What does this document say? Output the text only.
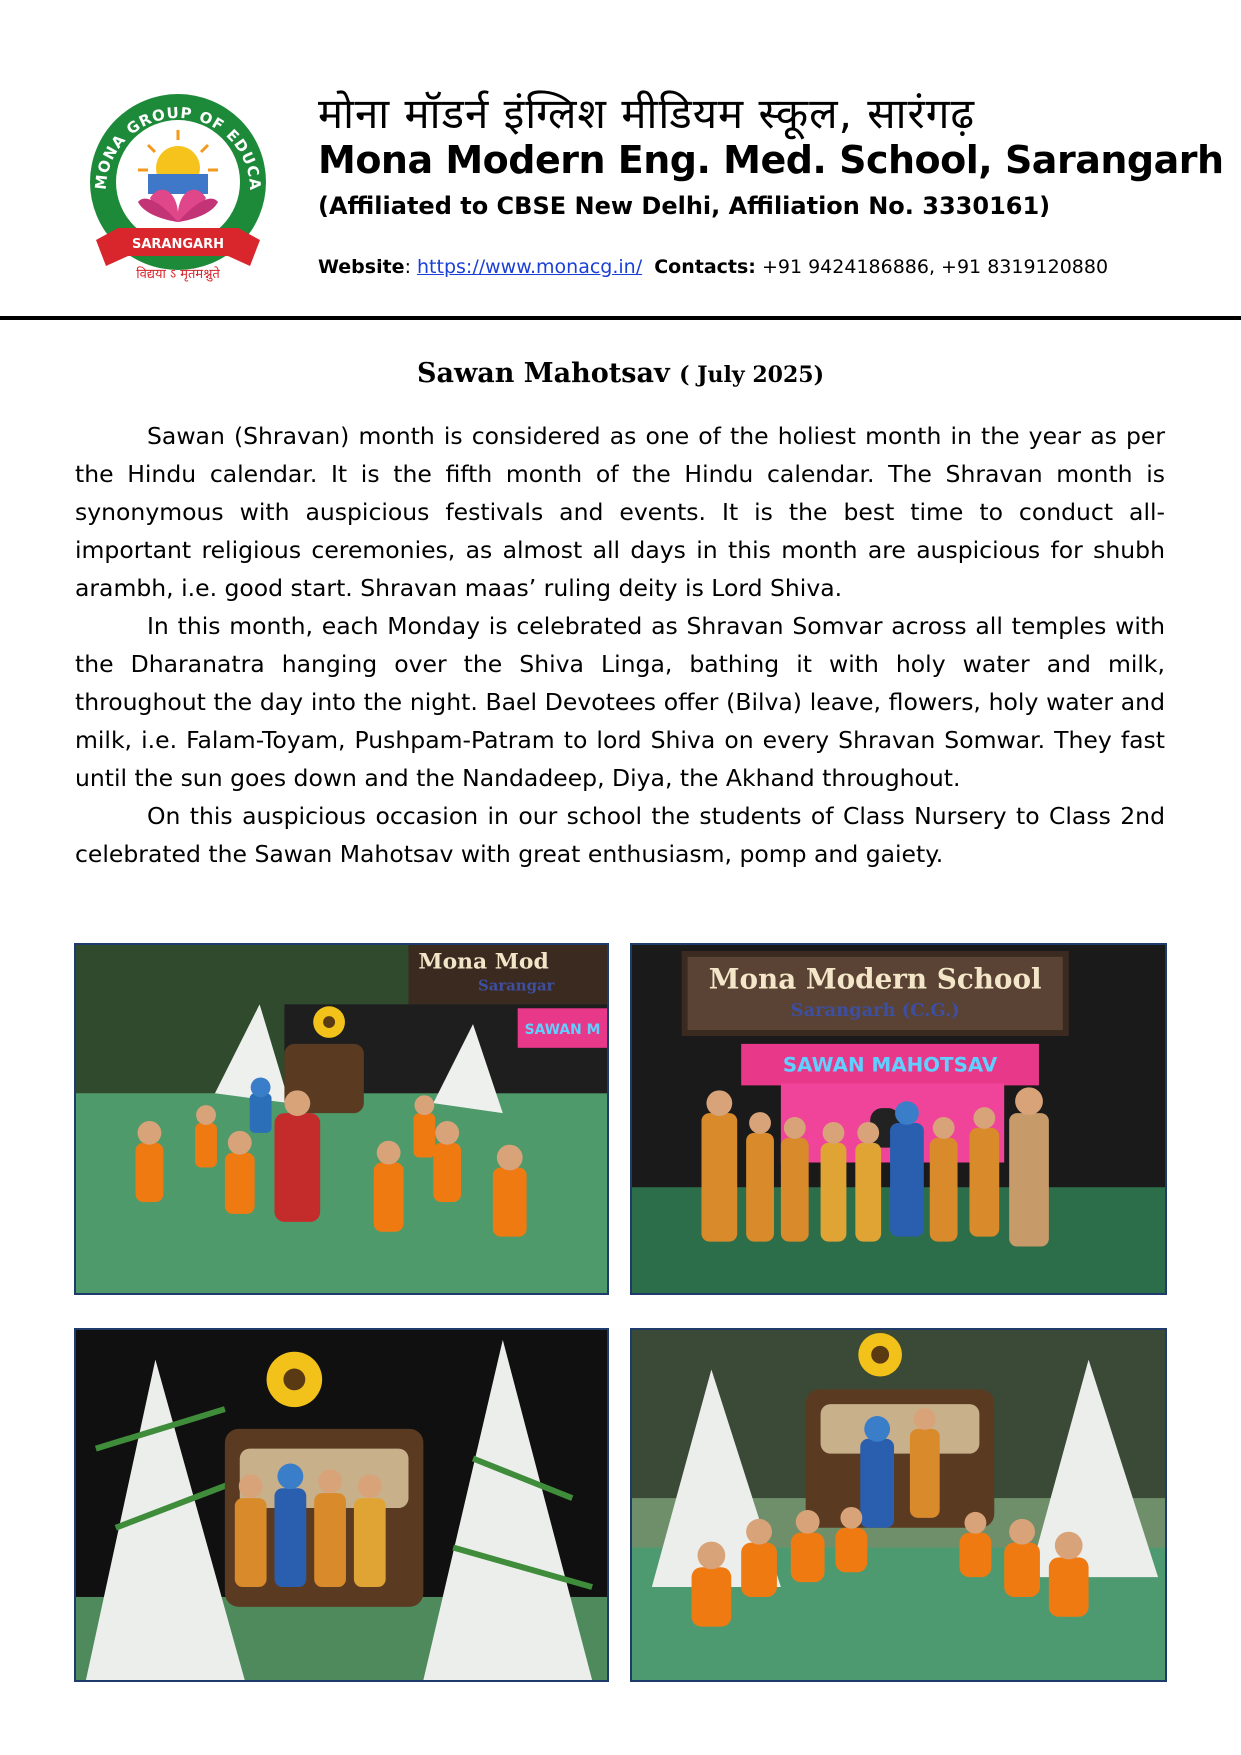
MONA GROUP OF EDUCA
SARANGARH
विद्यया ऽ मृतंमश्नुते
मोना मॉडर्न इंग्लिश मीडियम स्कूल, सारंगढ़
Mona Modern Eng. Med. School, Sarangarh
(Affiliated to CBSE New Delhi, Affiliation No. 3330161)
Website: https://www.monacg.in/ Contacts: +91 9424186886, +91 8319120880
Sawan Mahotsav ( July 2025)

Sawan (Shravan) month is considered as one of the holiest month in the year as per the Hindu calendar. It is the fifth month of the Hindu calendar. The Shravan month is synonymous with auspicious festivals and events. It is the best time to conduct all-important religious ceremonies, as almost all days in this month are auspicious for shubh arambh, i.e. good start. Shravan maas’ ruling deity is Lord Shiva.

In this month, each Monday is celebrated as Shravan Somvar across all temples with the Dharanatra hanging over the Shiva Linga, bathing it with holy water and milk, throughout the day into the night. Bael Devotees offer (Bilva) leave, flowers, holy water and milk, i.e. Falam-Toyam, Pushpam-Patram to lord Shiva on every Shravan Somwar. They fast until the sun goes down and the Nandadeep, Diya, the Akhand throughout.

On this auspicious occasion in our school the students of Class Nursery to Class 2nd celebrated the Sawan Mahotsav with great enthusiasm, pomp and gaiety.

Mona Mod
Sarangar
SAWAN M
Mona Modern School
Sarangarh (C.G.)
SAWAN MAHOTSAV
